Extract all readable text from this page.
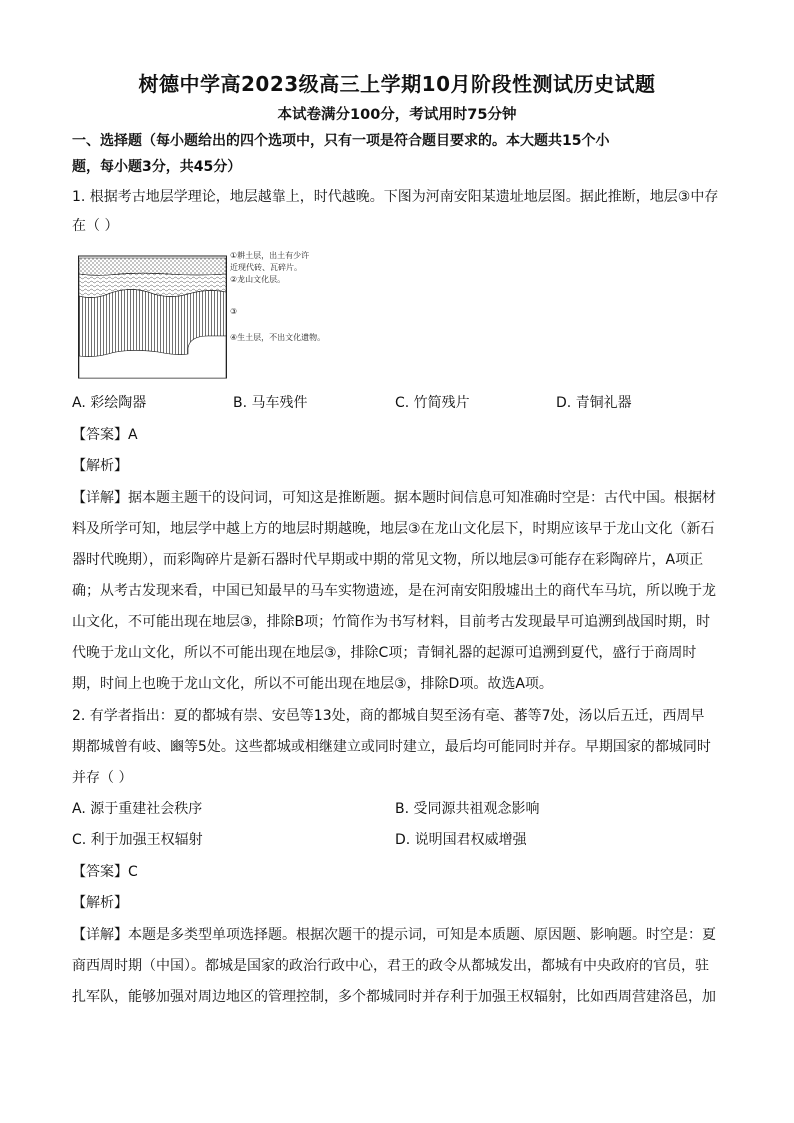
树德中学高2023级高三上学期10月阶段性测试历史试题
本试卷满分100分，考试用时75分钟
一、选择题（每小题给出的四个选项中，只有一项是符合题目要求的。本大题共15个小
题，每小题3分，共45分）
1. 根据考古地层学理论，地层越靠上，时代越晚。下图为河南安阳某遗址地层图。据此推断，地层③中存
在（ ）
①耕土层，出土有少许
近现代砖、瓦碎片。
②龙山文化层。
③
④生土层，不出文化遗物。
A. 彩绘陶器	B. 马车残件	C. 竹简残片	D. 青铜礼器
【答案】A
【解析】
【详解】据本题主题干的设问词，可知这是推断题。据本题时间信息可知准确时空是：古代中国。根据材
料及所学可知，地层学中越上方的地层时期越晚，地层③在龙山文化层下，时期应该早于龙山文化（新石
器时代晚期），而彩陶碎片是新石器时代早期或中期的常见文物，所以地层③可能存在彩陶碎片，A项正
确；从考古发现来看，中国已知最早的马车实物遗迹，是在河南安阳殷墟出土的商代车马坑，所以晚于龙
山文化，不可能出现在地层③，排除B项；竹简作为书写材料，目前考古发现最早可追溯到战国时期，时
代晚于龙山文化，所以不可能出现在地层③，排除C项；青铜礼器的起源可追溯到夏代，盛行于商周时
期，时间上也晚于龙山文化，所以不可能出现在地层③，排除D项。故选A项。
2. 有学者指出：夏的都城有崇、安邑等13处，商的都城自契至汤有亳、蕃等7处，汤以后五迁，西周早
期都城曾有岐、豳等5处。这些都城或相继建立或同时建立，最后均可能同时并存。早期国家的都城同时
并存（ ）
A. 源于重建社会秩序	B. 受同源共祖观念影响
C. 利于加强王权辐射	D. 说明国君权威增强
【答案】C
【解析】
【详解】本题是多类型单项选择题。根据次题干的提示词，可知是本质题、原因题、影响题。时空是：夏
商西周时期（中国）。都城是国家的政治行政中心，君王的政令从都城发出，都城有中央政府的官员，驻
扎军队，能够加强对周边地区的管理控制，多个都城同时并存利于加强王权辐射，比如西周营建洛邑，加
